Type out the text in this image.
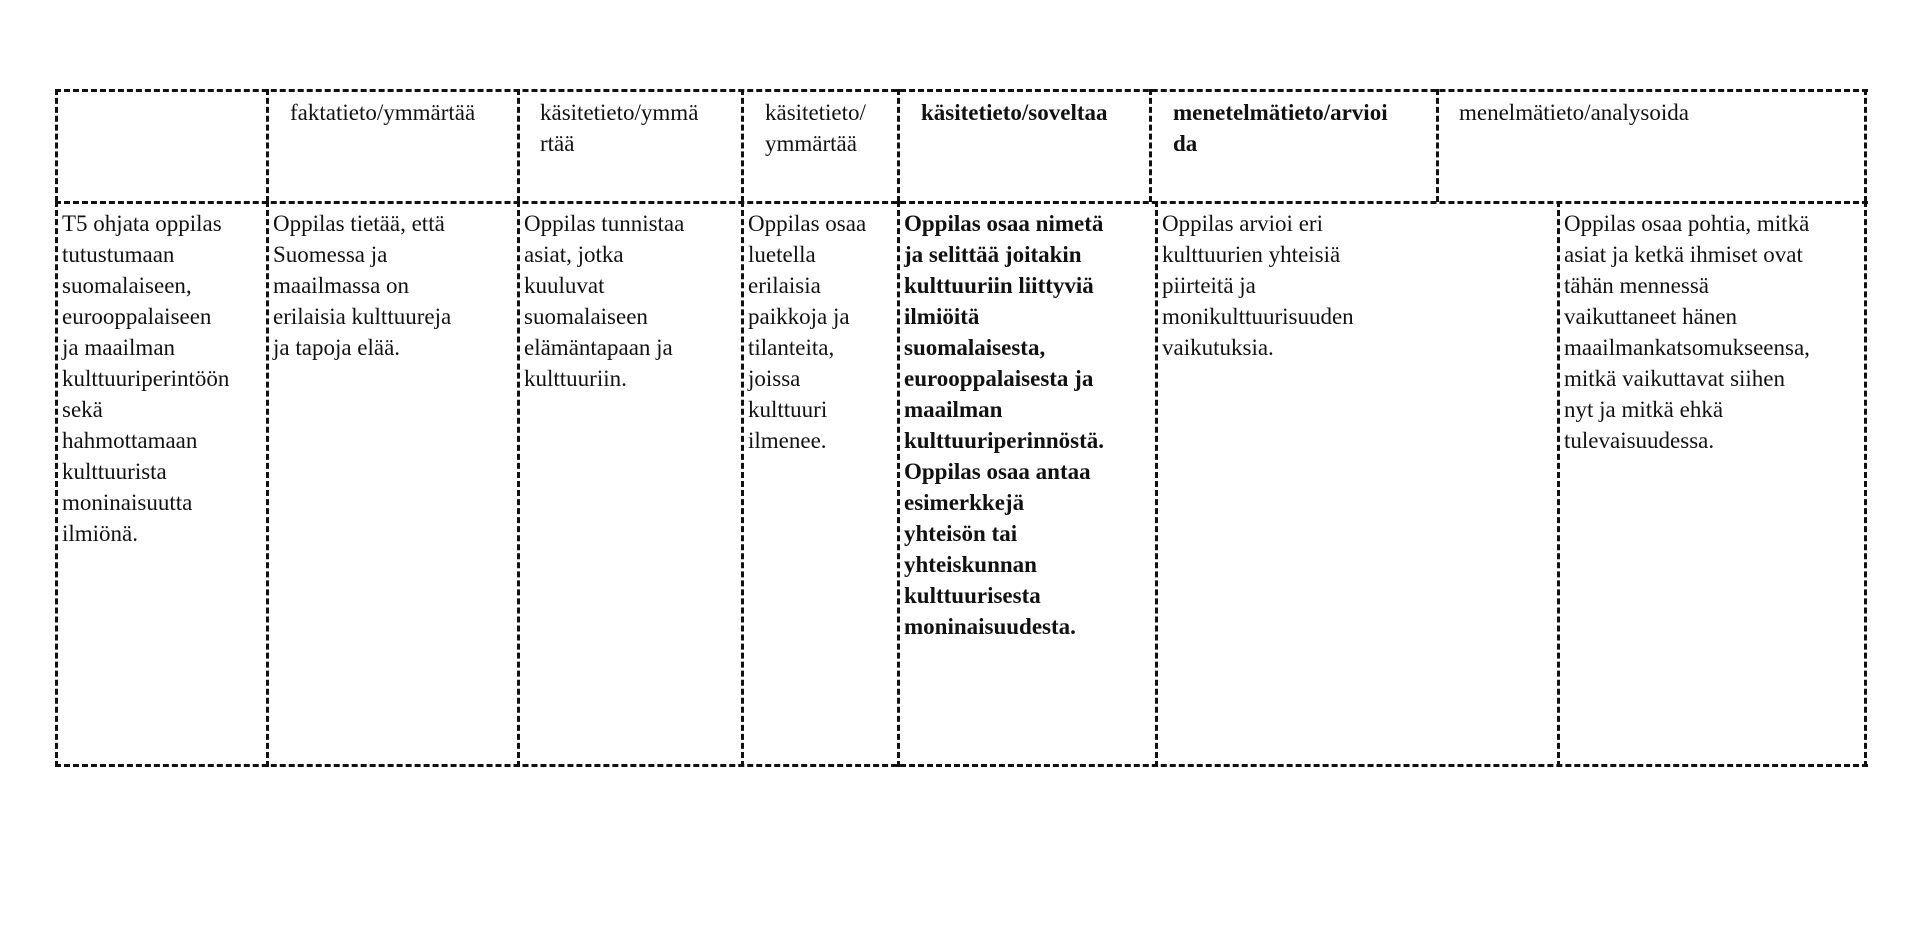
faktatieto/ymmärtää	käsitetieto/ymmä
rtää
käsitetieto/
ymmärtää
käsitetieto/soveltaa	menetelmätieto/arvioi
da
menelmätieto/analysoida
T5 ohjata oppilas
tutustumaan
suomalaiseen,
eurooppalaiseen
ja maailman
kulttuuriperintöön
sekä
hahmottamaan
kulttuurista
moninaisuutta
ilmiönä.
Oppilas tietää, että
Suomessa ja
maailmassa on
erilaisia kulttuureja
ja tapoja elää.
Oppilas tunnistaa
asiat, jotka
kuuluvat
suomalaiseen
elämäntapaan ja
kulttuuriin.
Oppilas osaa
luetella
erilaisia
paikkoja ja
tilanteita,
joissa
kulttuuri
ilmenee.
Oppilas osaa nimetä
ja selittää joitakin
kulttuuriin liittyviä
ilmiöitä
suomalaisesta,
eurooppalaisesta ja
maailman
kulttuuriperinnöstä.
Oppilas osaa antaa
esimerkkejä
yhteisön tai
yhteiskunnan
kulttuurisesta
moninaisuudesta.
Oppilas arvioi eri
kulttuurien yhteisiä
piirteitä ja
monikulttuurisuuden
vaikutuksia.
Oppilas osaa pohtia, mitkä
asiat ja ketkä ihmiset ovat
tähän mennessä
vaikuttaneet hänen
maailmankatsomukseensa,
mitkä vaikuttavat siihen
nyt ja mitkä ehkä
tulevaisuudessa.
